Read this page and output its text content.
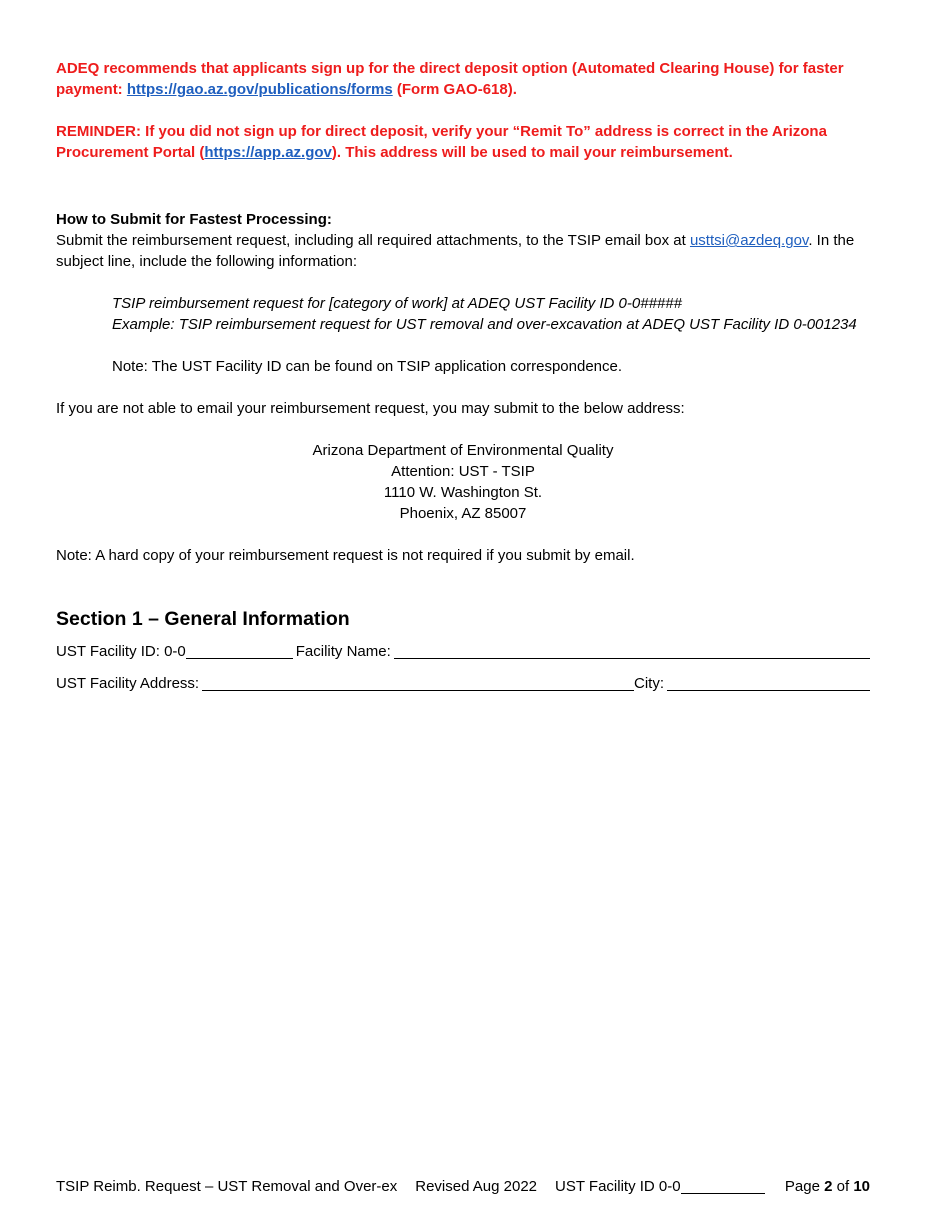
ADEQ recommends that applicants sign up for the direct deposit option (Automated Clearing House) for faster payment: https://gao.az.gov/publications/forms (Form GAO-618).

REMINDER: If you did not sign up for direct deposit, verify your “Remit To” address is correct in the Arizona Procurement Portal (https://app.az.gov). This address will be used to mail your reimbursement.

How to Submit for Fastest Processing:

Submit the reimbursement request, including all required attachments, to the TSIP email box at usttsi@azdeq.gov. In the subject line, include the following information:

TSIP reimbursement request for [category of work] at ADEQ UST Facility ID 0-0#####

Example: TSIP reimbursement request for UST removal and over-excavation at ADEQ UST Facility ID 0-001234

Note: The UST Facility ID can be found on TSIP application correspondence.

If you are not able to email your reimbursement request, you may submit to the below address:

Arizona Department of Environmental Quality
Attention: UST - TSIP
1110 W. Washington St.
Phoenix, AZ 85007

Note: A hard copy of your reimbursement request is not required if you submit by email.

Section 1 – General Information
UST Facility ID: 0-0	Facility Name:
UST Facility Address:	City:
TSIP Reimb. Request – UST Removal and Over-ex Revised Aug 2022 UST Facility ID 0-0	Page 2 of 10
